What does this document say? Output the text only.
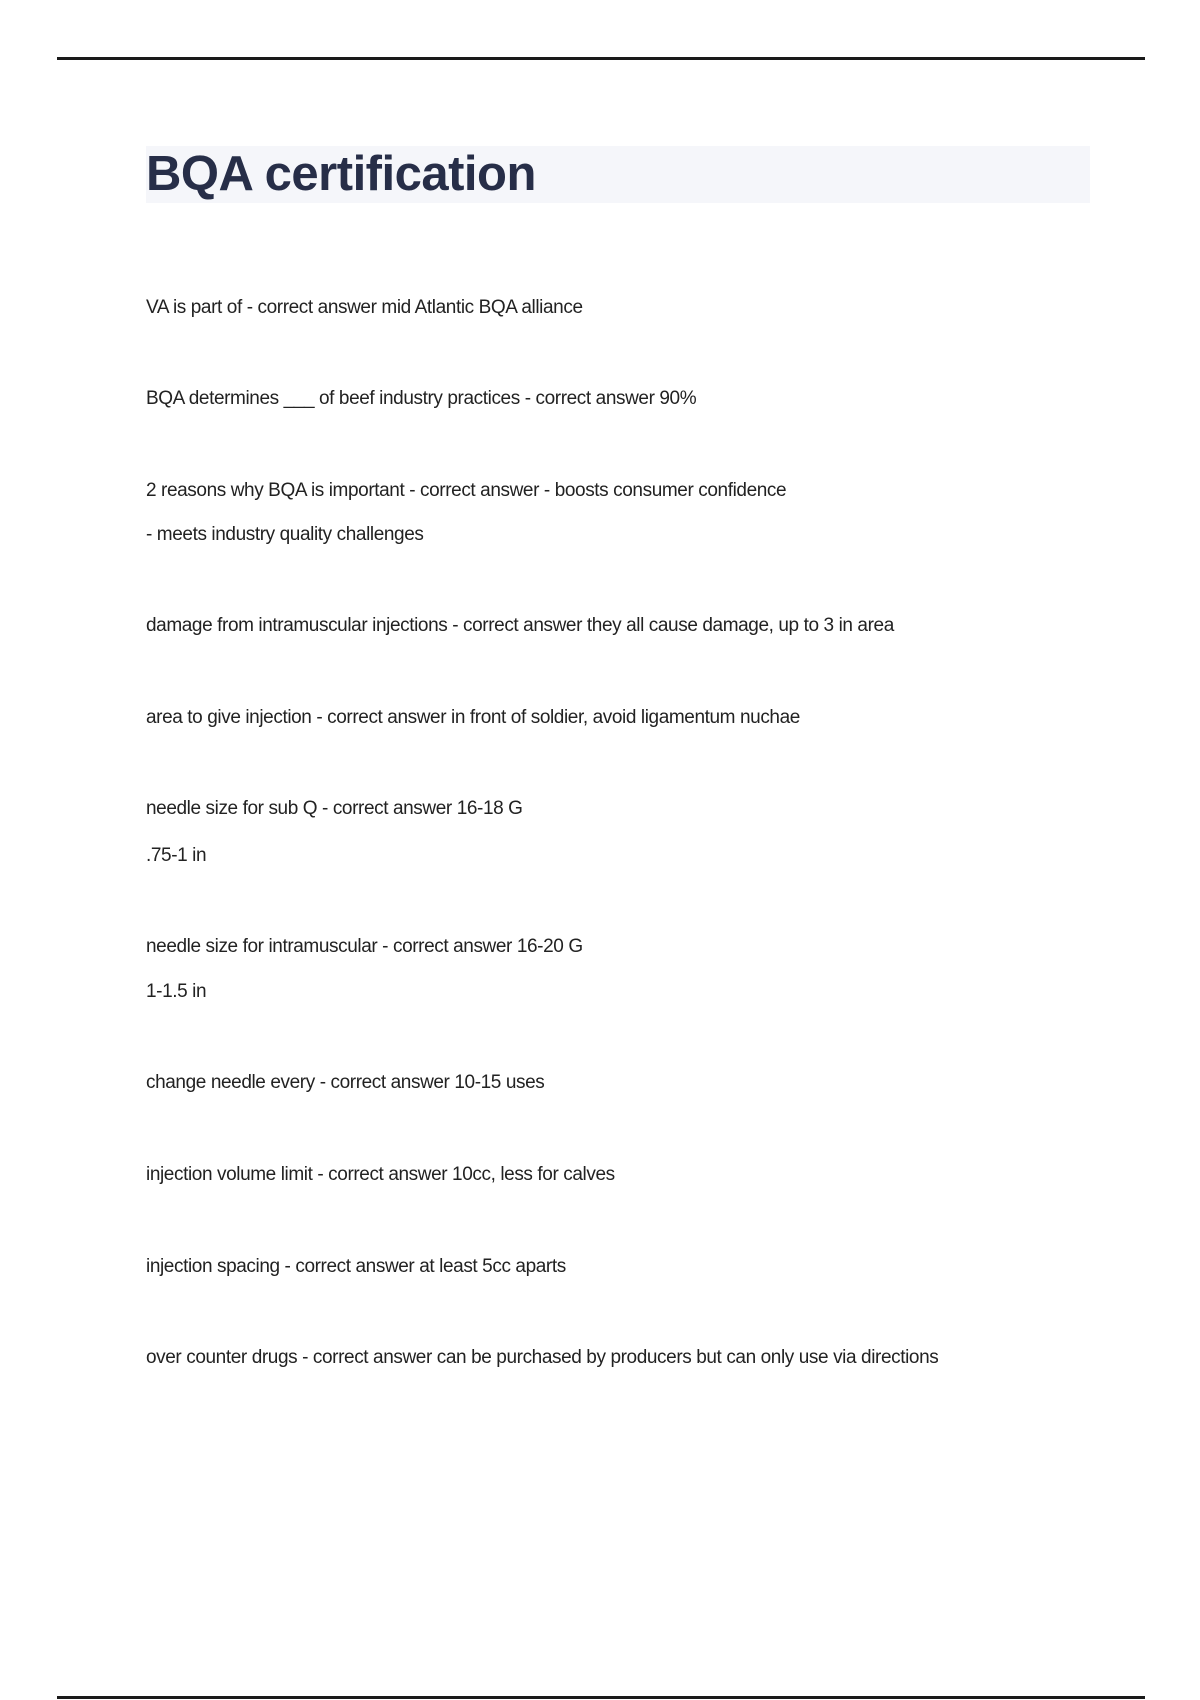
BQA certification
VA is part of - correct answer mid Atlantic BQA alliance
BQA determines ___ of beef industry practices - correct answer 90%
2 reasons why BQA is important - correct answer - boosts consumer confidence
- meets industry quality challenges
damage from intramuscular injections - correct answer they all cause damage, up to 3 in area
area to give injection - correct answer in front of soldier, avoid ligamentum nuchae
needle size for sub Q - correct answer 16-18 G
.75-1 in
needle size for intramuscular - correct answer 16-20 G
1-1.5 in
change needle every - correct answer 10-15 uses
injection volume limit - correct answer 10cc, less for calves
injection spacing - correct answer at least 5cc aparts
over counter drugs - correct answer can be purchased by producers but can only use via directions
